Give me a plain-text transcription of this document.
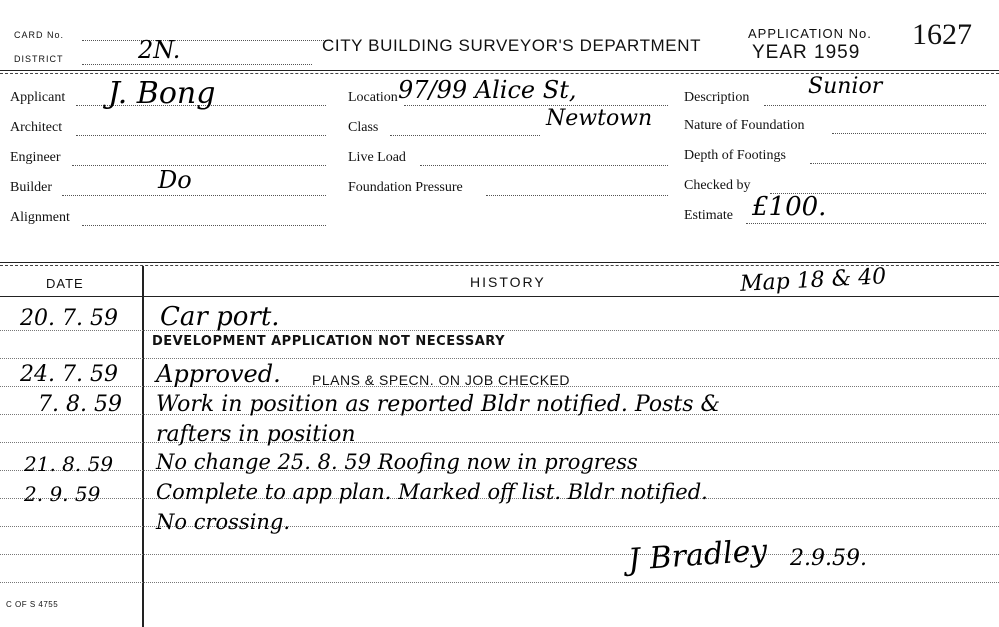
CARD No.
DISTRICT	2N.	CITY BUILDING SURVEYOR'S DEPARTMENT
APPLICATION No.
YEAR 1959
1627
Applicant J. Bong
Architect
Engineer
Builder	Do
Alignment
Location 97/99 Alice St,
Newtown
Class
Live Load
Foundation Pressure
Description	Sunior
Nature of Foundation
Depth of Footings
Checked by
Estimate £100.
DATE	HISTORY	Map 18 & 40
20. 7. 59 Car port.
DEVELOPMENT APPLICATION NOT NECESSARY
24. 7. 59 Approved. PLANS & SPECN. ON JOB CHECKED
7. 8. 59 Work in position as reported Bldr notified. Posts &
rafters in position
21. 8. 59 No change 25. 8. 59 Roofing now in progress
2. 9. 59	Complete to app plan. Marked off list. Bldr notified.
No crossing.
J Bradley 2.9.59.
C OF S 4755
